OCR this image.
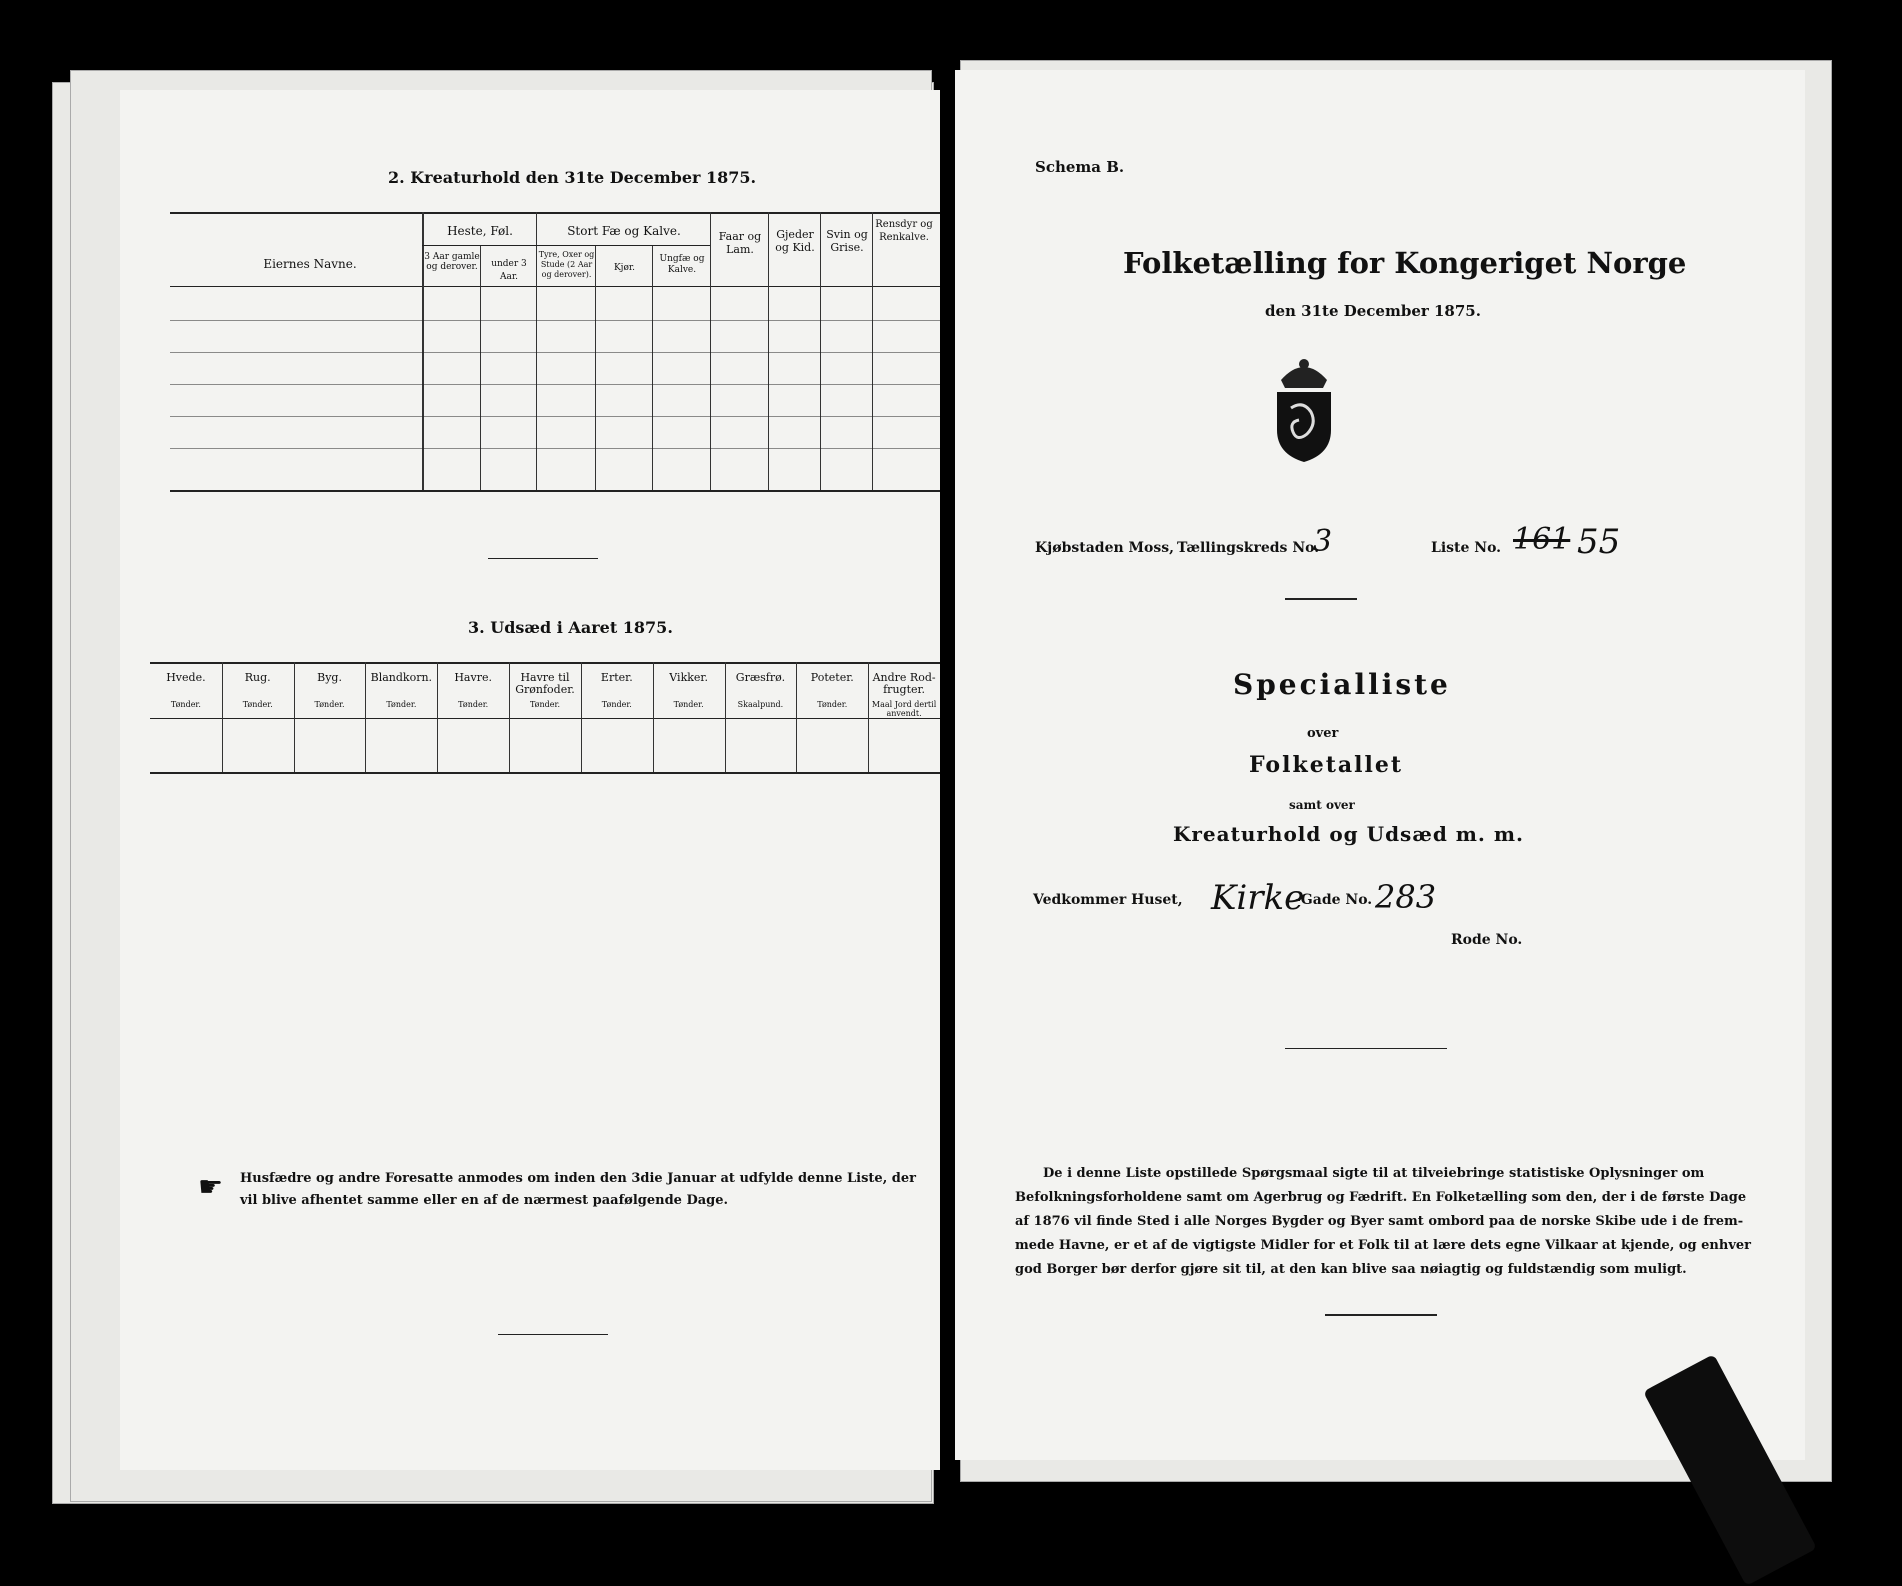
2. Kreaturhold den 31te December 1875.
Eiernes Navne.
Heste, Føl.
3 Aar gamle og derover.	under 3 Aar.
Stort Fæ og Kalve.
Tyre, Oxer og Stude (2 Aar og derover).
Kjør.
Ungfæ og Kalve.
Faar og Lam.
Gjeder og Kid.
Svin og Grise.
Rensdyr og Renkalve.
3. Udsæd i Aaret 1875.
Hvede.
Tønder.
Rug.
Tønder.
Byg.
Tønder.
Blandkorn.
Tønder.
Havre.
Tønder.
Havre til Grønfoder.
Tønder.
Erter.
Tønder.
Vikker.
Tønder.
Græsfrø.
Skaalpund.
Poteter.
Tønder.
Andre Rod-frugter.
Maal Jord dertil anvendt.
☛ Husfædre og andre Foresatte anmodes om inden den 3die Januar at udfylde denne Liste, der vil blive afhentet samme eller en af de nærmest paafølgende Dage.
Schema B.
Folketælling for Kongeriget Norge
den 31te December 1875.
Kjøbstaden Moss, Tællingskreds No.
3	Liste No. 161 55
Specialliste
over
Folketallet
samt over
Kreaturhold og Udsæd m. m.
Vedkommer Huset, Kirke
-Gade No. 283
Rode No.
De i denne Liste opstillede Spørgsmaal sigte til at tilveiebringe statistiske Oplysninger om
Befolkningsforholdene samt om Agerbrug og Fædrift. En Folketælling som den, der i de første Dage
af 1876 vil finde Sted i alle Norges Bygder og Byer samt ombord paa de norske Skibe ude i de frem-
mede Havne, er et af de vigtigste Midler for et Folk til at lære dets egne Vilkaar at kjende, og enhver
god Borger bør derfor gjøre sit til, at den kan blive saa nøiagtig og fuldstændig som muligt.
